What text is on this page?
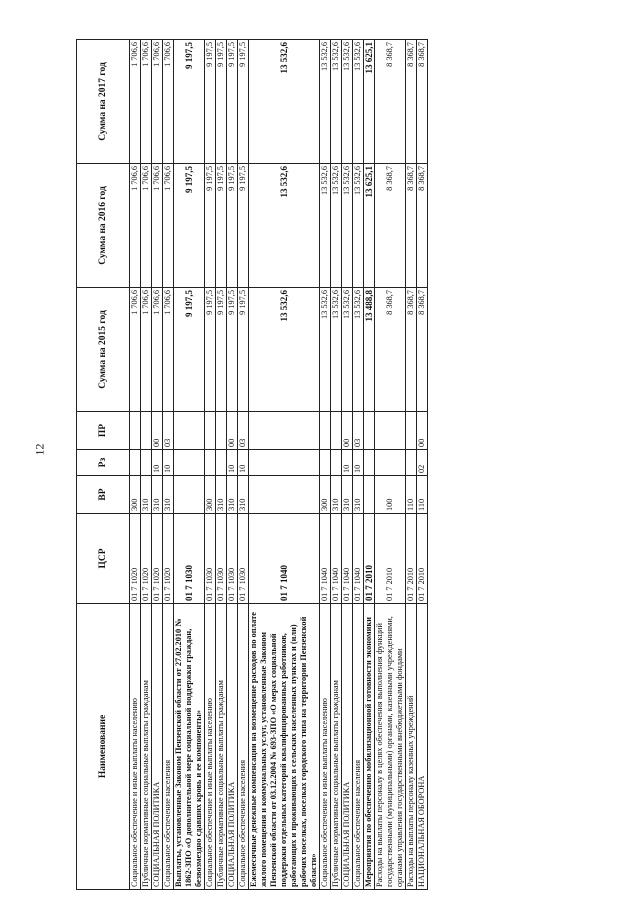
12
Наименование	ЦСР	ВР	Рз	ПР	Сумма на 2015 год	Сумма на 2016 год	Сумма на 2017 год
Социальное обеспечение и иные выплаты населению	01 7 1020	300			1 706,6	1 706,6	1 706,6
Публичные нормативные социальные выплаты гражданам	01 7 1020	310			1 706,6	1 706,6	1 706,6
СОЦИАЛЬНАЯ ПОЛИТИКА	01 7 1020	310	10	00	1 706,6	1 706,6	1 706,6
Социальное обеспечение населения	01 7 1020	310	10	03	1 706,6	1 706,6	1 706,6
Выплаты, установленные Законом Пензенской области от 27.02.2010 № 1862-ЗПО «О дополнительной мере социальной поддержки граждан, безвозмездно сдавших кровь и ее компоненты»	01 7 1030				9 197,5	9 197,5	9 197,5
Социальное обеспечение и иные выплаты населению	01 7 1030	300			9 197,5	9 197,5	9 197,5
Публичные нормативные социальные выплаты гражданам	01 7 1030	310			9 197,5	9 197,5	9 197,5
СОЦИАЛЬНАЯ ПОЛИТИКА	01 7 1030	310	10	00	9 197,5	9 197,5	9 197,5
Социальное обеспечение населения	01 7 1030	310	10	03	9 197,5	9 197,5	9 197,5
Ежемесячные денежные компенсации на возмещение расходов по оплате жилого помещения и коммунальных услуг, установленные Законом Пензенской области от 03.12.2004 № 693-ЗПО «О мерах социальной поддержки отдельных категорий квалифицированных работников, работающих и проживающих в сельских населенных пунктах и (или) рабочих поселках, поселках городского типа на территории Пензенской области»	01 7 1040				13 532,6	13 532,6	13 532,6
Социальное обеспечение и иные выплаты населению	01 7 1040	300			13 532,6	13 532,6	13 532,6
Публичные нормативные социальные выплаты гражданам	01 7 1040	310			13 532,6	13 532,6	13 532,6
СОЦИАЛЬНАЯ ПОЛИТИКА	01 7 1040	310	10	00	13 532,6	13 532,6	13 532,6
Социальное обеспечение населения	01 7 1040	310	10	03	13 532,6	13 532,6	13 532,6
Мероприятия по обеспечению мобилизационной готовности экономики	01 7 2010				13 488,8	13 625,1	13 625,1
Расходы на выплаты персоналу в целях обеспечения выполнения функций государственными (муниципальными) органами, казенными учреждениями, органами управления государственными внебюджетными фондами	01 7 2010	100			8 368,7	8 368,7	8 368,7
Расходы на выплаты персоналу казенных учреждений	01 7 2010	110			8 368,7	8 368,7	8 368,7
НАЦИОНАЛЬНАЯ ОБОРОНА	01 7 2010	110	02	00	8 368,7	8 368,7	8 368,7
